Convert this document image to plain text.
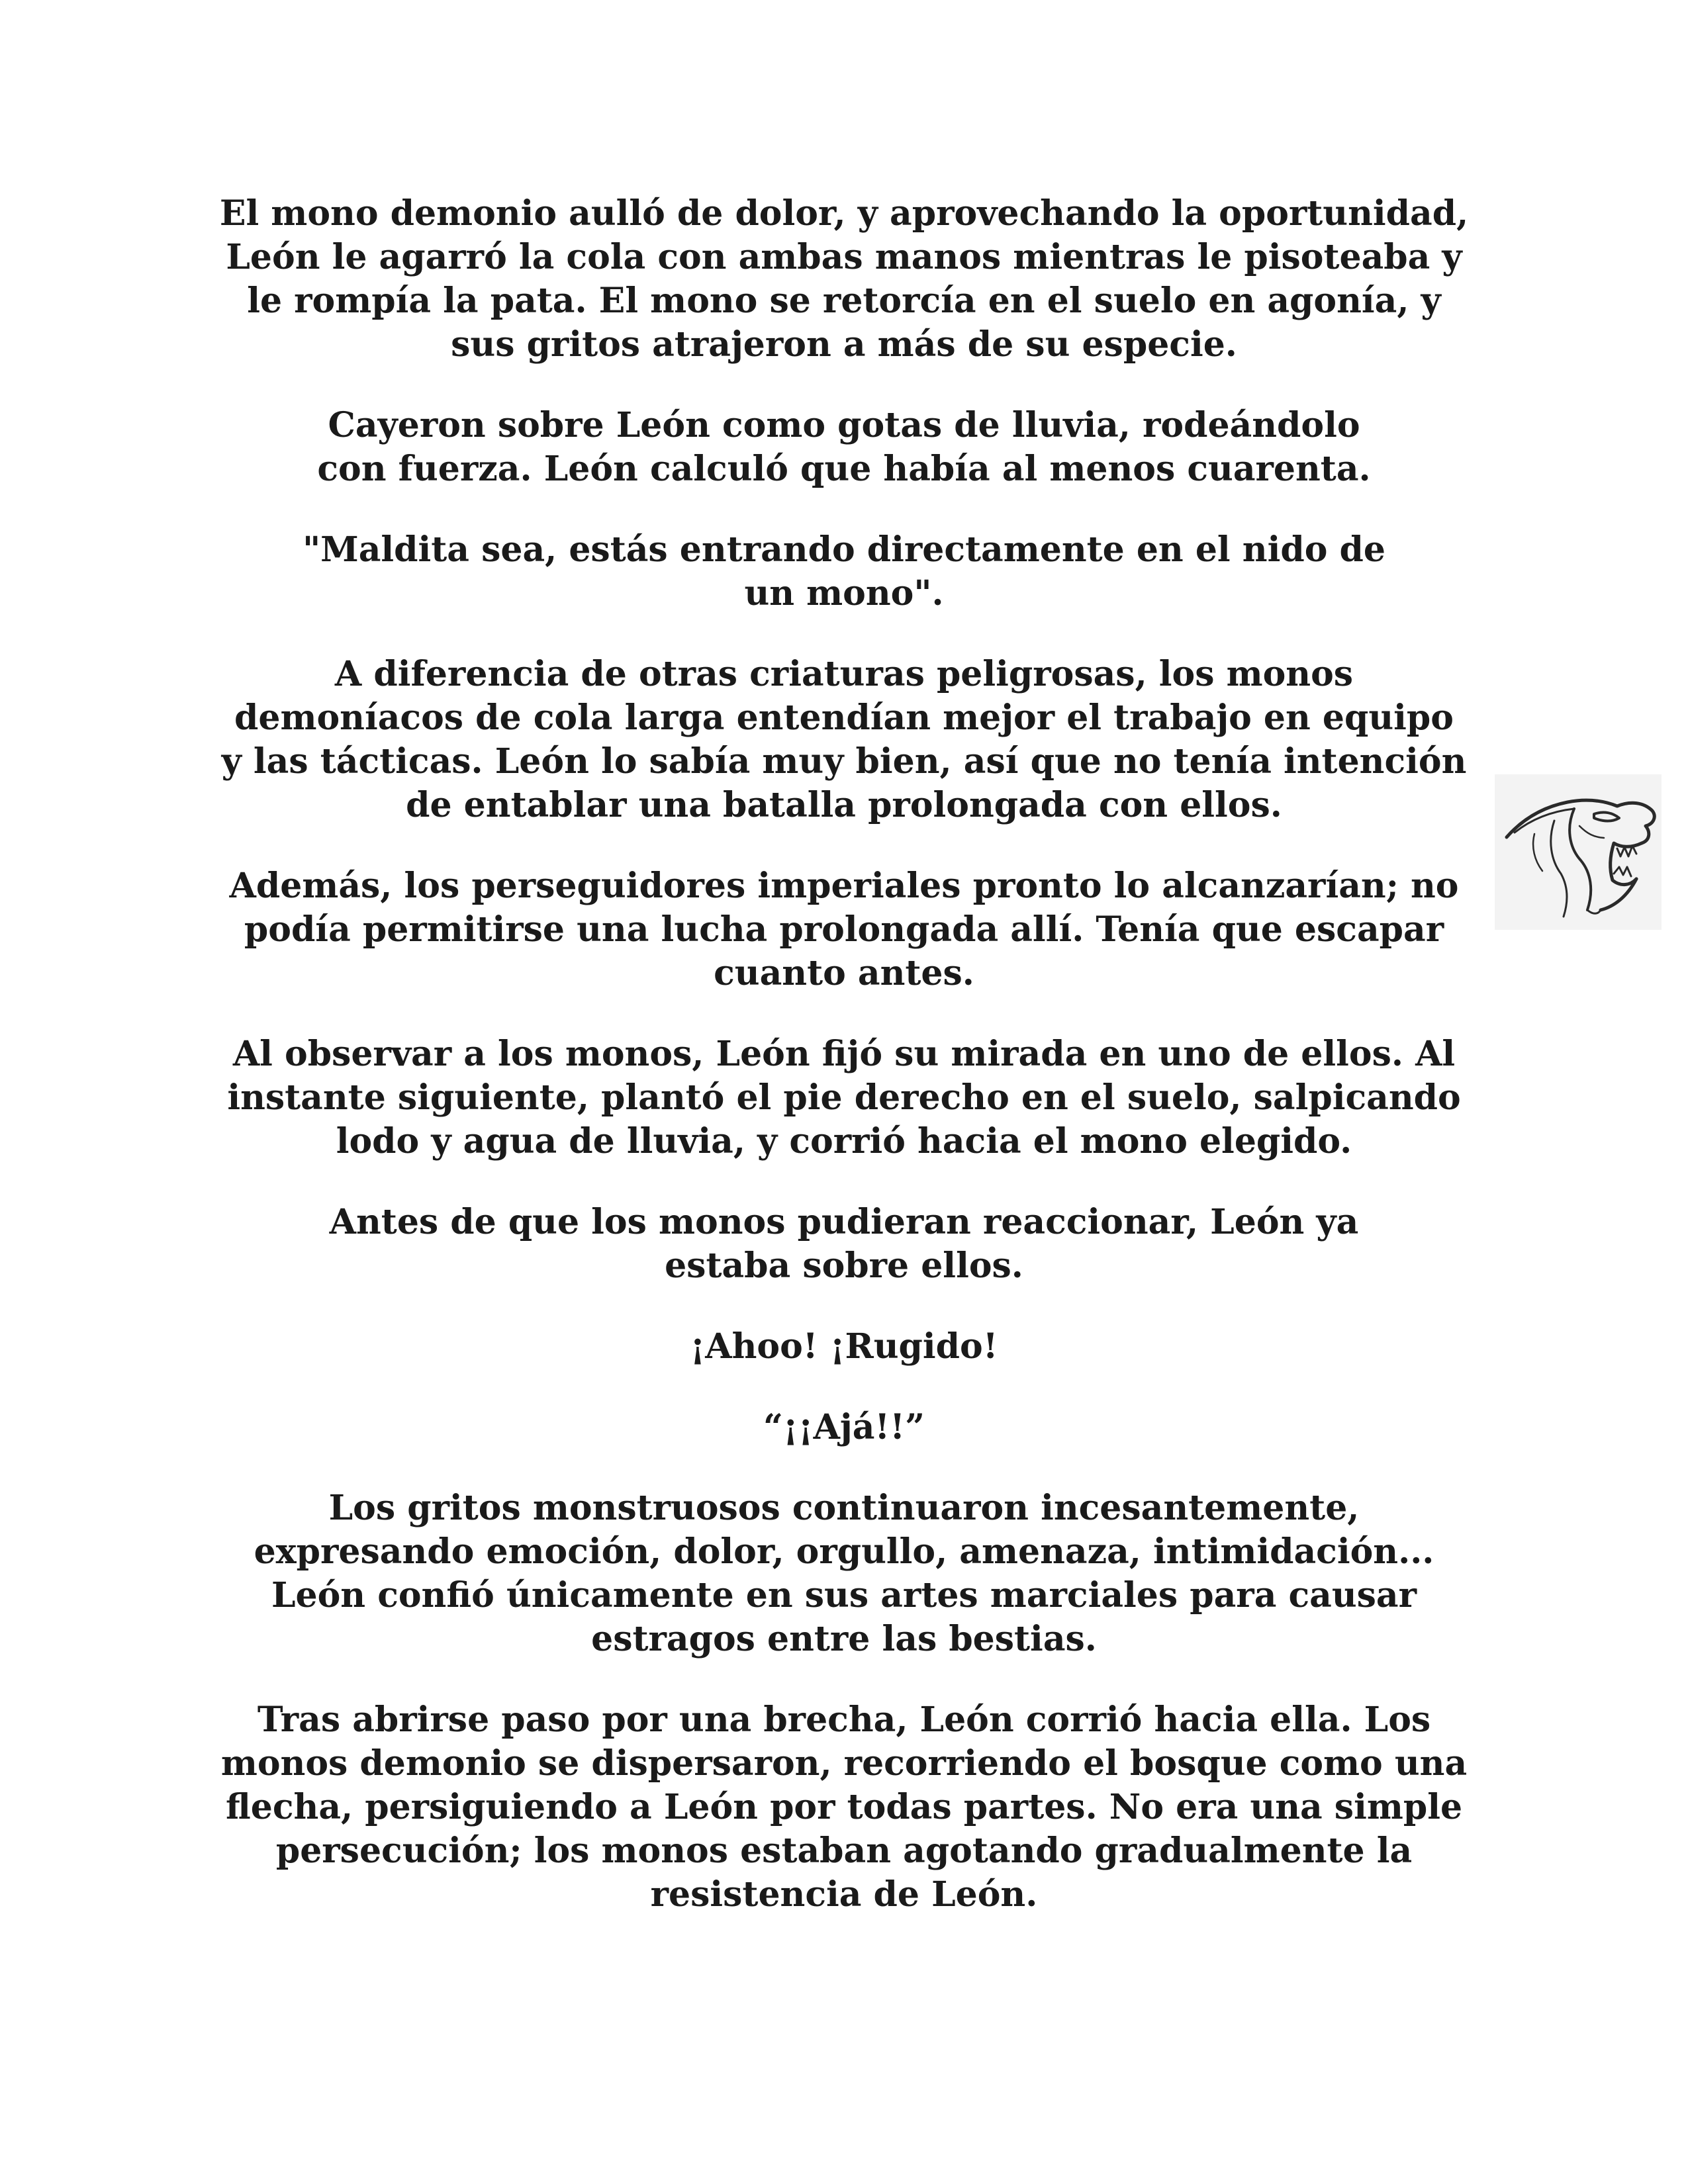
El mono demonio aulló de dolor, y aprovechando la oportunidad, León le agarró la cola con ambas manos mientras le pisoteaba y le rompía la pata. El mono se retorcía en el suelo en agonía, y sus gritos atrajeron a más de su especie.

Cayeron sobre León como gotas de lluvia, rodeándolo con fuerza. León calculó que había al menos cuarenta.

"Maldita sea, estás entrando directamente en el nido de un mono".

A diferencia de otras criaturas peligrosas, los monos demoníacos de cola larga entendían mejor el trabajo en equipo y las tácticas. León lo sabía muy bien, así que no tenía intención de entablar una batalla prolongada con ellos.

Además, los perseguidores imperiales pronto lo alcanzarían; no podía permitirse una lucha prolongada allí. Tenía que escapar cuanto antes.

Al observar a los monos, León fijó su mirada en uno de ellos. Al instante siguiente, plantó el pie derecho en el suelo, salpicando lodo y agua de lluvia, y corrió hacia el mono elegido.

Antes de que los monos pudieran reaccionar, León ya estaba sobre ellos.

¡Ahoo! ¡Rugido!

“¡¡Ajá!!”

Los gritos monstruosos continuaron incesantemente, expresando emoción, dolor, orgullo, amenaza, intimidación... León confió únicamente en sus artes marciales para causar estragos entre las bestias.

Tras abrirse paso por una brecha, León corrió hacia ella. Los monos demonio se dispersaron, recorriendo el bosque como una flecha, persiguiendo a León por todas partes. No era una simple persecución; los monos estaban agotando gradualmente la resistencia de León.
